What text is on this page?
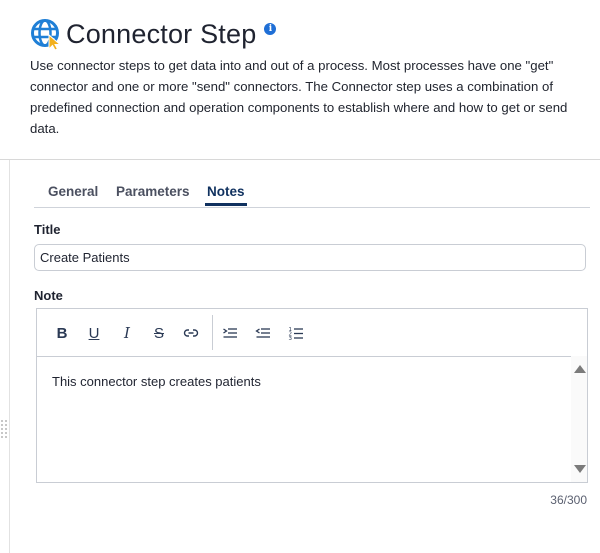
Connector Step	i
Use connector steps to get data into and out of a process. Most processes have one "get" connector and one or more "send" connectors. The Connector step uses a combination of predefined connection and operation components to establish where and how to get or send data.
General Parameters Notes
Title
Create Patients
Note
B U I S	1
2
3
This connector step creates patients
36/300
